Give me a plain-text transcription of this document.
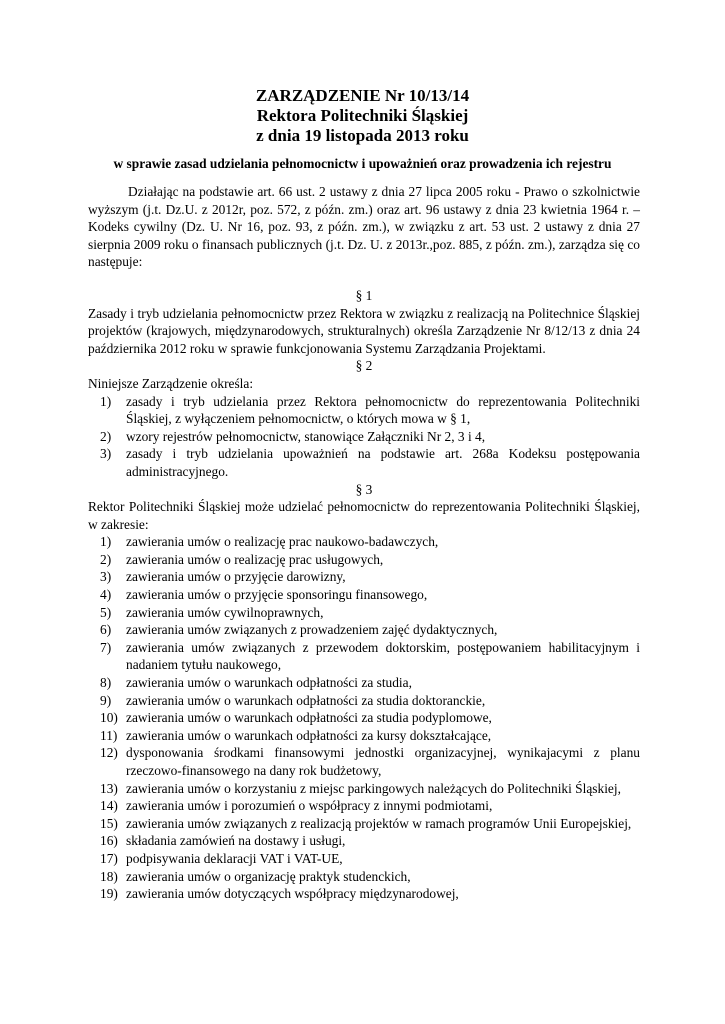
ZARZĄDZENIE Nr 10/13/14
Rektora Politechniki Śląskiej
z dnia 19 listopada 2013 roku
w sprawie zasad udzielania pełnomocnictw i upoważnień oraz prowadzenia ich rejestru

Działając na podstawie art. 66 ust. 2 ustawy z dnia 27 lipca 2005 roku - Prawo o szkolnictwie wyższym (j.t. Dz.U. z 2012r, poz. 572, z późn. zm.) oraz art. 96 ustawy z dnia 23 kwietnia 1964 r. – Kodeks cywilny (Dz. U. Nr 16, poz. 93, z późn. zm.), w związku z art. 53 ust. 2 ustawy z dnia 27 sierpnia 2009 roku o finansach publicznych (j.t. Dz. U. z 2013r.,poz. 885, z późn. zm.), zarządza się co następuje:

§ 1

Zasady i tryb udzielania pełnomocnictw przez Rektora w związku z realizacją na Politechnice Śląskiej projektów (krajowych, międzynarodowych, strukturalnych) określa Zarządzenie Nr 8/12/13 z dnia 24 października 2012 roku w sprawie funkcjonowania Systemu Zarządzania Projektami.

§ 2

Niniejsze Zarządzenie określa:

1)	zasady i tryb udzielania przez Rektora pełnomocnictw do reprezentowania Politechniki Śląskiej, z wyłączeniem pełnomocnictw, o których mowa w § 1,
2)	wzory rejestrów pełnomocnictw, stanowiące Załączniki Nr 2, 3 i 4,
3)	zasady i tryb udzielania upoważnień na podstawie art. 268a Kodeksu postępowania administracyjnego.

§ 3

Rektor Politechniki Śląskiej może udzielać pełnomocnictw do reprezentowania Politechniki Śląskiej, w zakresie:

1)	zawierania umów o realizację prac naukowo-badawczych,
2)	zawierania umów o realizację prac usługowych,
3)	zawierania umów o przyjęcie darowizny,
4)	zawierania umów o przyjęcie sponsoringu finansowego,
5)	zawierania umów cywilnoprawnych,
6)	zawierania umów związanych z prowadzeniem zajęć dydaktycznych,
7)	zawierania umów związanych z przewodem doktorskim, postępowaniem habilitacyjnym i nadaniem tytułu naukowego,
8)	zawierania umów o warunkach odpłatności za studia,
9)	zawierania umów o warunkach odpłatności za studia doktoranckie,
10) zawierania umów o warunkach odpłatności za studia podyplomowe,
11) zawierania umów o warunkach odpłatności za kursy dokształcające,
12) dysponowania środkami finansowymi jednostki organizacyjnej, wynikajacymi z planu rzeczowo-finansowego na dany rok budżetowy,
13) zawierania umów o korzystaniu z miejsc parkingowych należących do Politechniki Śląskiej,
14) zawierania umów i porozumień o współpracy z innymi podmiotami,
15) zawierania umów związanych z realizacją projektów w ramach programów Unii Europejskiej,
16) składania zamówień na dostawy i usługi,
17) podpisywania deklaracji VAT i VAT-UE,
18) zawierania umów o organizację praktyk studenckich,
19) zawierania umów dotyczących współpracy międzynarodowej,
